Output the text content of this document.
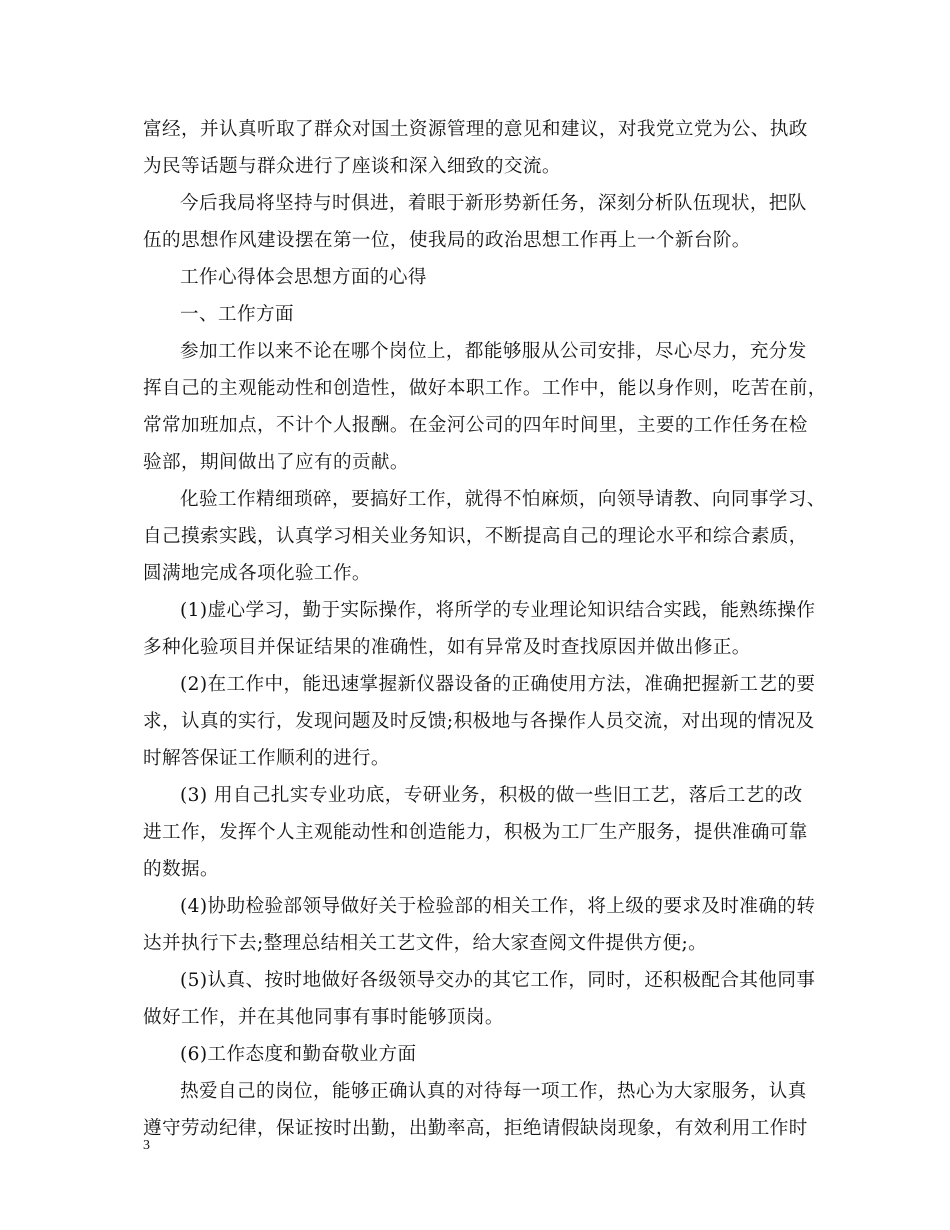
富经，并认真听取了群众对国土资源管理的意见和建议，对我党立党为公、执政
为民等话题与群众进行了座谈和深入细致的交流。
今后我局将坚持与时俱进，着眼于新形势新任务，深刻分析队伍现状，把队
伍的思想作风建设摆在第一位，使我局的政治思想工作再上一个新台阶。
工作心得体会思想方面的心得
一、工作方面
参加工作以来不论在哪个岗位上，都能够服从公司安排，尽心尽力，充分发
挥自己的主观能动性和创造性，做好本职工作。工作中，能以身作则，吃苦在前，
常常加班加点，不计个人报酬。在金河公司的四年时间里，主要的工作任务在检
验部，期间做出了应有的贡献。
化验工作精细琐碎，要搞好工作，就得不怕麻烦，向领导请教、向同事学习、
自己摸索实践，认真学习相关业务知识，不断提高自己的理论水平和综合素质，
圆满地完成各项化验工作。
(1)虚心学习，勤于实际操作，将所学的专业理论知识结合实践，能熟练操作
多种化验项目并保证结果的准确性，如有异常及时查找原因并做出修正。
(2)在工作中，能迅速掌握新仪器设备的正确使用方法，准确把握新工艺的要
求，认真的实行，发现问题及时反馈;积极地与各操作人员交流，对出现的情况及
时解答保证工作顺利的进行。
(3) 用自己扎实专业功底，专研业务，积极的做一些旧工艺，落后工艺的改
进工作，发挥个人主观能动性和创造能力，积极为工厂生产服务，提供准确可靠
的数据。
(4)协助检验部领导做好关于检验部的相关工作，将上级的要求及时准确的转
达并执行下去;整理总结相关工艺文件，给大家查阅文件提供方便;。
(5)认真、按时地做好各级领导交办的其它工作，同时，还积极配合其他同事
做好工作，并在其他同事有事时能够顶岗。
(6)工作态度和勤奋敬业方面
热爱自己的岗位，能够正确认真的对待每一项工作，热心为大家服务，认真
遵守劳动纪律，保证按时出勤，出勤率高，拒绝请假缺岗现象，有效利用工作时
3
